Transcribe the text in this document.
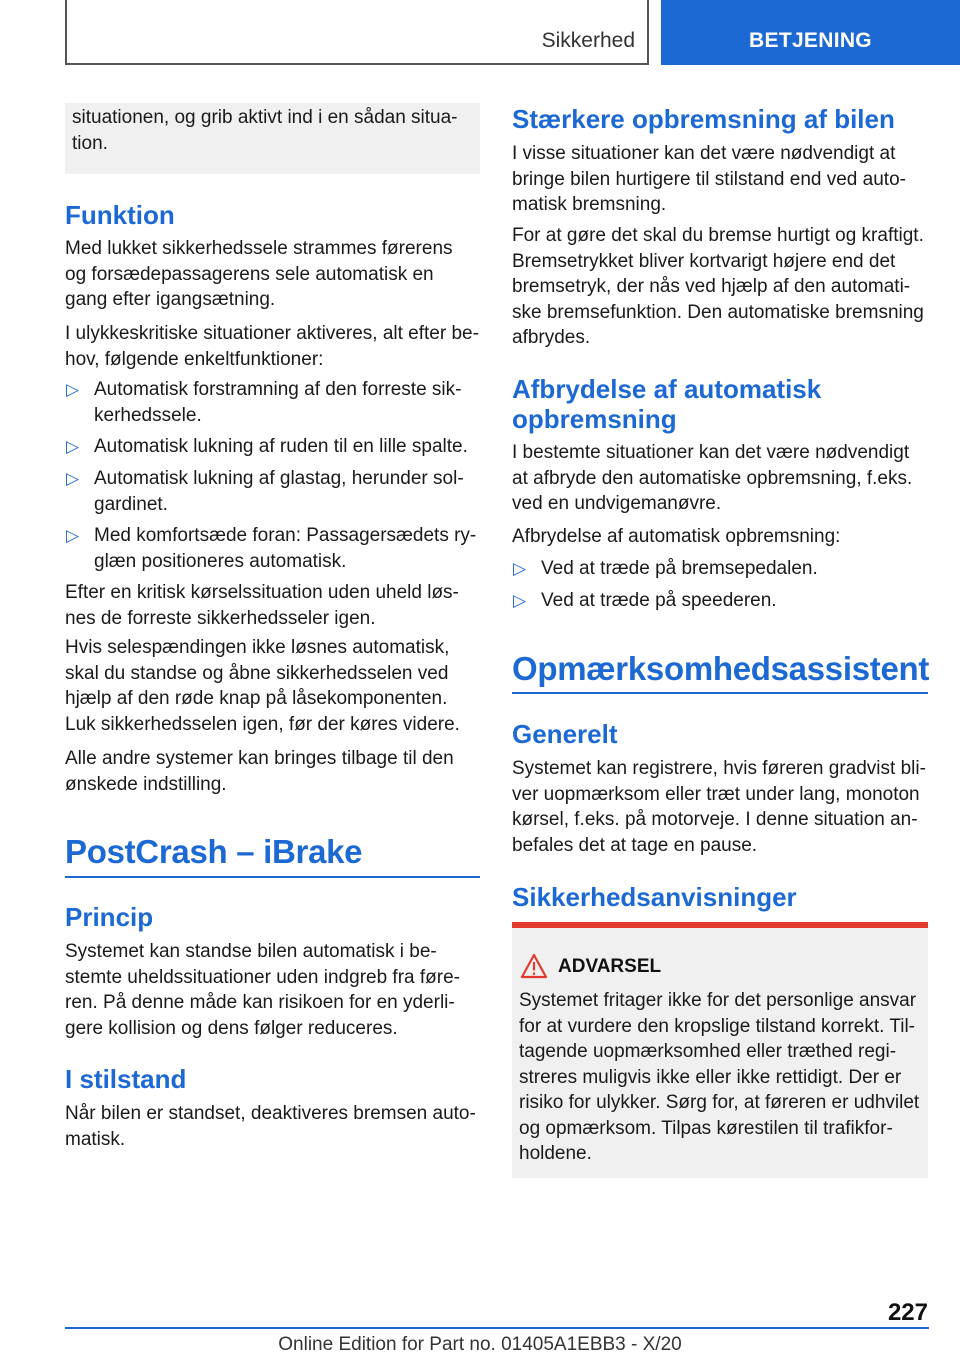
Sikkerhed	BETJENING
situationen, og grib aktivt ind i en sådan situa-tion.
Funktion
Med lukket sikkerhedssele strammes førerens og forsædepassagerens sele automatisk en gang efter igangsætning.
I ulykkeskritiske situationer aktiveres, alt efter be-hov, følgende enkeltfunktioner:
▷ Automatisk forstramning af den forreste sik-kerhedssele.
▷ Automatisk lukning af ruden til en lille spalte.
▷ Automatisk lukning af glastag, herunder sol-gardinet.
▷ Med komfortsæde foran: Passagersædets ry-glæn positioneres automatisk.
Efter en kritisk kørselssituation uden uheld løs-nes de forreste sikkerhedsseler igen.
Hvis selespændingen ikke løsnes automatisk, skal du standse og åbne sikkerhedsselen ved hjælp af den røde knap på låsekomponenten. Luk sikkerhedsselen igen, før der køres videre.
Alle andre systemer kan bringes tilbage til den ønskede indstilling.
PostCrash – iBrake
Princip
Systemet kan standse bilen automatisk i be-stemte uheldssituationer uden indgreb fra føre-ren. På denne måde kan risikoen for en yderli-gere kollision og dens følger reduceres.
I stilstand
Når bilen er standset, deaktiveres bremsen auto-matisk.
Stærkere opbremsning af bilen
I visse situationer kan det være nødvendigt at bringe bilen hurtigere til stilstand end ved auto-matisk bremsning.
For at gøre det skal du bremse hurtigt og kraftigt. Bremsetrykket bliver kortvarigt højere end det bremsetryk, der nås ved hjælp af den automati-ske bremsefunktion. Den automatiske bremsning afbrydes.
Afbrydelse af automatisk
opbremsning
I bestemte situationer kan det være nødvendigt at afbryde den automatiske opbremsning, f.eks. ved en undvigemanøvre.
Afbrydelse af automatisk opbremsning:
▷ Ved at træde på bremsepedalen.
▷ Ved at træde på speederen.
Opmærksomhedsassistent
Generelt
Systemet kan registrere, hvis føreren gradvist bli-ver uopmærksom eller træt under lang, monoton kørsel, f.eks. på motorveje. I denne situation an-befales det at tage en pause.
Sikkerhedsanvisninger
ADVARSEL
Systemet fritager ikke for det personlige ansvar for at vurdere den kropslige tilstand korrekt. Til-tagende uopmærksomhed eller træthed regi-streres muligvis ikke eller ikke rettidigt. Der er risiko for ulykker. Sørg for, at føreren er udhvilet og opmærksom. Tilpas kørestilen til trafikfor-holdene.
227
Online Edition for Part no. 01405A1EBB3 - X/20
